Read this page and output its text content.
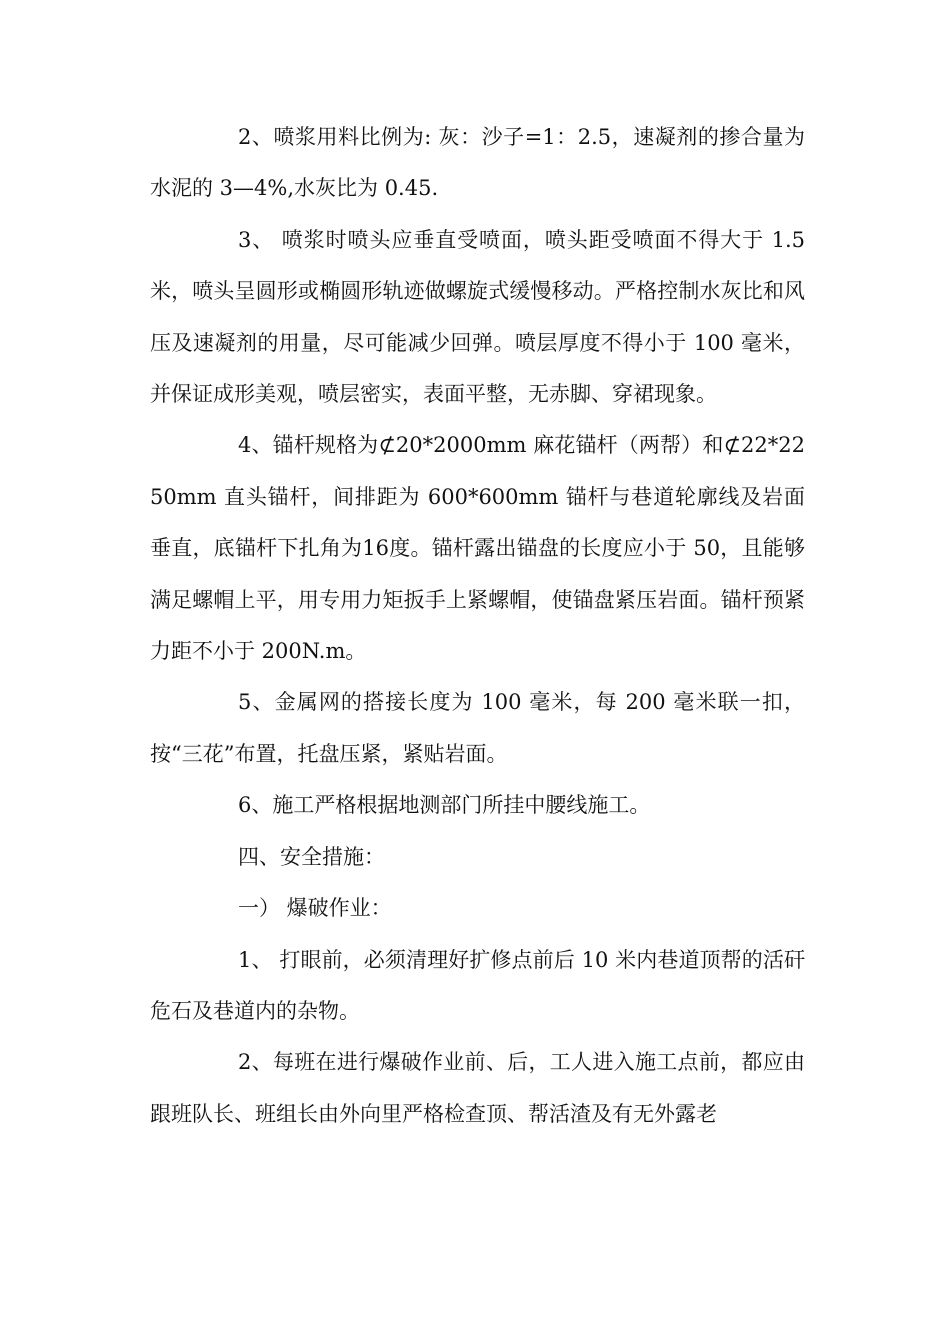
2、喷浆用料比例为: 灰：沙子=1：2.5，速凝剂的掺合量为水泥的 3—4%,水灰比为 0.45.

3、 喷浆时喷头应垂直受喷面，喷头距受喷面不得大于 1.5 米，喷头呈圆形或椭圆形轨迹做螺旋式缓慢移动。严格控制水灰比和风压及速凝剂的用量，尽可能减少回弹。喷层厚度不得小于 100 毫米，并保证成形美观，喷层密实，表面平整，无赤脚、穿裙现象。

4、锚杆规格为⊄20*2000mm 麻花锚杆（两帮）和⊄22*2250mm 直头锚杆，间排距为 600*600mm 锚杆与巷道轮廓线及岩面垂直，底锚杆下扎角为16度。锚杆露出锚盘的长度应小于 50，且能够满足螺帽上平，用专用力矩扳手上紧螺帽，使锚盘紧压岩面。锚杆预紧力距不小于 200N.m。

5、金属网的搭接长度为 100 毫米，每 200 毫米联一扣，按“三花”布置，托盘压紧，紧贴岩面。

6、施工严格根据地测部门所挂中腰线施工。

四、安全措施：

一） 爆破作业：

1、 打眼前，必须清理好扩修点前后 10 米内巷道顶帮的活矸危石及巷道内的杂物。

2、每班在进行爆破作业前、后，工人进入施工点前，都应由跟班队长、班组长由外向里严格检查顶、帮活渣及有无外露老
